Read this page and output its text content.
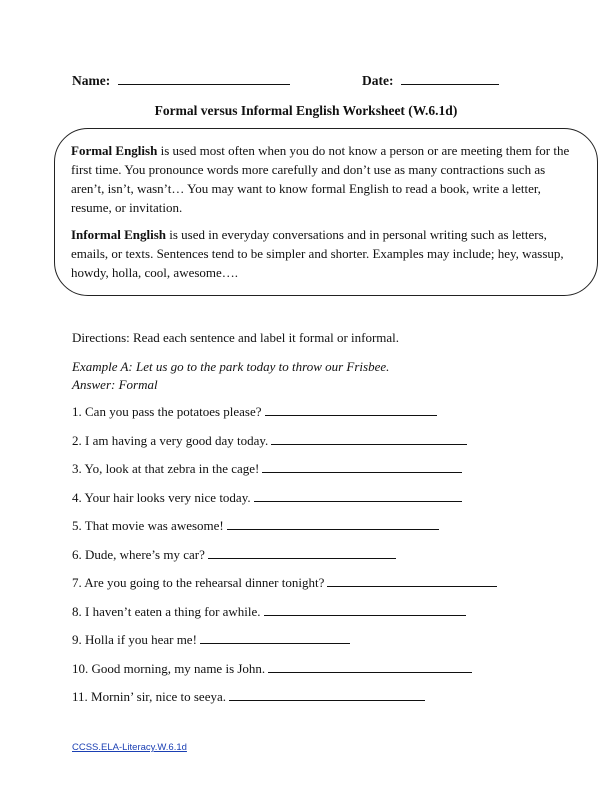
Name:	Date:
Formal versus Informal English Worksheet (W.6.1d)

Formal English is used most often when you do not know a person or are meeting them for the first time. You pronounce words more carefully and don’t use as many contractions such as aren’t, isn’t, wasn’t… You may want to know formal English to read a book, write a letter, resume, or invitation.

Informal English is used in everyday conversations and in personal writing such as letters, emails, or texts. Sentences tend to be simpler and shorter. Examples may include; hey, wassup, howdy, holla, cool, awesome….

Directions: Read each sentence and label it formal or informal.
Example A: Let us go to the park today to throw our Frisbee.
Answer: Formal
1. Can you pass the potatoes please?
2. I am having a very good day today.
3. Yo, look at that zebra in the cage!
4. Your hair looks very nice today.
5. That movie was awesome!
6. Dude, where’s my car?
7. Are you going to the rehearsal dinner tonight?
8. I haven’t eaten a thing for awhile.
9. Holla if you hear me!
10. Good morning, my name is John.
11. Mornin’ sir, nice to seeya.
CCSS.ELA-Literacy.W.6.1d
